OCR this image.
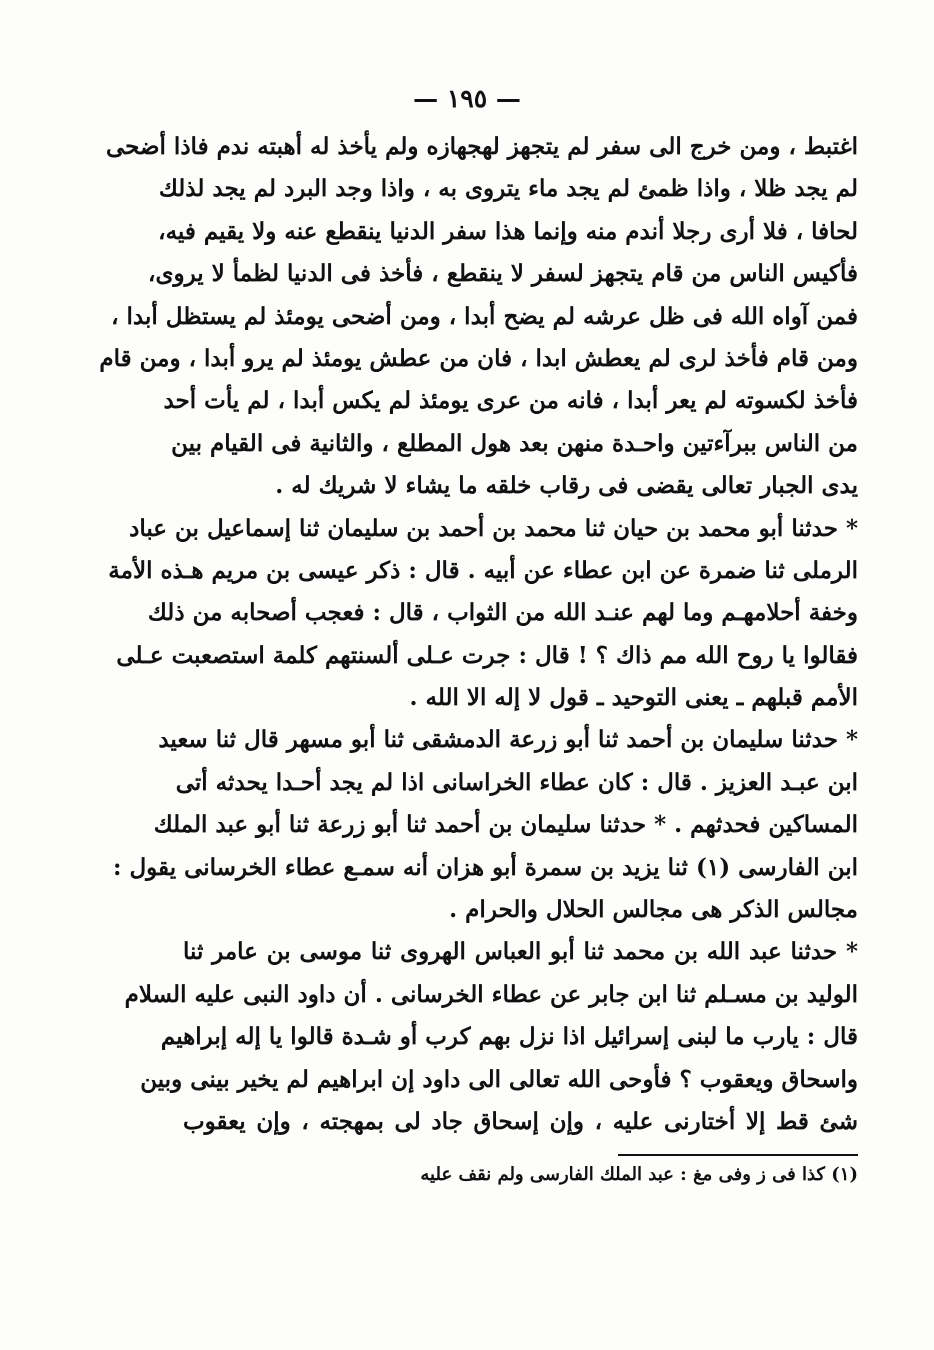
— ١٩٥ —
اغتبط ، ومن خرج الى سفر لم يتجهز لهجهازه ولم يأخذ له أهبته ندم فاذا أضحى
لم يجد ظلا ، واذا ظمئ لم يجد ماء يتروى به ، واذا وجد البرد لم يجد لذلك
لحافا ، فلا أرى رجلا أندم منه وإنما هذا سفر الدنيا ينقطع عنه ولا يقيم فيه،
فأكيس الناس من قام يتجهز لسفر لا ينقطع ، فأخذ فى الدنيا لظمأ لا يروى،
فمن آواه الله فى ظل عرشه لم يضح أبدا ، ومن أضحى يومئذ لم يستظل أبدا ،
ومن قام فأخذ لرى لم يعطش ابدا ، فان من عطش يومئذ لم يرو أبدا ، ومن قام
فأخذ لكسوته لم يعر أبدا ، فانه من عرى يومئذ لم يكس أبدا ، لم يأت أحد
من الناس ببرآءتين واحـدة منهن بعد هول المطلع ، والثانية فى القيام بين
يدى الجبار تعالى يقضى فى رقاب خلقه ما يشاء لا شريك له .
* حدثنا أبو محمد بن حيان ثنا محمد بن أحمد بن سليمان ثنا إسماعيل بن عباد
الرملى ثنا ضمرة عن ابن عطاء عن أبيه . قال : ذكر عيسى بن مريم هـذه الأمة
وخفة أحلامهـم وما لهم عنـد الله من الثواب ، قال : فعجب أصحابه من ذلك
فقالوا يا روح الله مم ذاك ؟ ! قال : جرت عـلى ألسنتهم كلمة استصعبت عـلى
الأمم قبلهم ـ يعنى التوحيد ـ قول لا إله الا الله .
* حدثنا سليمان بن أحمد ثنا أبو زرعة الدمشقى ثنا أبو مسهر قال ثنا سعيد
ابن عبـد العزيز . قال : كان عطاء الخراسانى اذا لم يجد أحـدا يحدثه أتى
المساكين فحدثهم . * حدثنا سليمان بن أحمد ثنا أبو زرعة ثنا أبو عبد الملك
ابن الفارسى (١) ثنا يزيد بن سمرة أبو هزان أنه سمـع عطاء الخرسانى يقول :
مجالس الذكر هى مجالس الحلال والحرام .
* حدثنا عبد الله بن محمد ثنا أبو العباس الهروى ثنا موسى بن عامر ثنا
الوليد بن مسـلم ثنا ابن جابر عن عطاء الخرسانى . أن داود النبى عليه السلام
قال : يارب ما لبنى إسرائيل اذا نزل بهم كرب أو شـدة قالوا يا إله إبراهيم
واسحاق ويعقوب ؟ فأوحى الله تعالى الى داود إن ابراهيم لم يخير بينى وبين
شئ قط إلا أختارنى عليه ، وإن إسحاق جاد لى بمهجته ، وإن يعقوب
(١) كذا فى ز وفى مغ : عبد الملك الفارسى ولم نقف عليه
